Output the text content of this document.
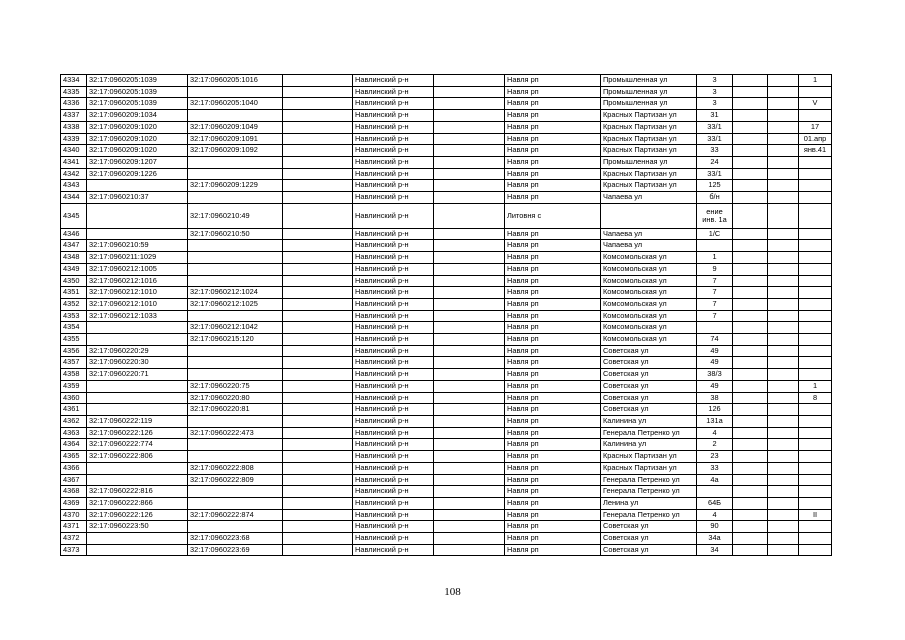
4334	32:17:0960205:1039	32:17:0960205:1016		Навлинский р-н		Навля рп	Промышленная ул	3			1
4335	32:17:0960205:1039			Навлинский р-н		Навля рп	Промышленная ул	3			
4336	32:17:0960205:1039	32:17:0960205:1040		Навлинский р-н		Навля рп	Промышленная ул	3			V
4337	32:17:0960209:1034			Навлинский р-н		Навля рп	Красных Партизан ул	31			
4338	32:17:0960209:1020	32:17:0960209:1049		Навлинский р-н		Навля рп	Красных Партизан ул	33/1			17
4339	32:17:0960209:1020	32:17:0960209:1091		Навлинский р-н		Навля рп	Красных Партизан ул	33/1			01.апр
4340	32:17:0960209:1020	32:17:0960209:1092		Навлинский р-н		Навля рп	Красных Партизан ул	33			янв.41
4341	32:17:0960209:1207			Навлинский р-н		Навля рп	Промышленная ул	24			
4342	32:17:0960209:1226			Навлинский р-н		Навля рп	Красных Партизан ул	33/1			
4343		32:17:0960209:1229		Навлинский р-н		Навля рп	Красных Партизан ул	125			
4344	32:17:0960210:37			Навлинский р-н		Навля рп	Чапаева ул	б/н			
4345		32:17:0960210:49		Навлинский р-н		Литовня с		ение инв. 1а			
4346		32:17:0960210:50		Навлинский р-н		Навля рп	Чапаева ул	1/С			
4347	32:17:0960210:59			Навлинский р-н		Навля рп	Чапаева ул				
4348	32:17:0960211:1029			Навлинский р-н		Навля рп	Комсомольская ул	1			
4349	32:17:0960212:1005			Навлинский р-н		Навля рп	Комсомольская ул	9			
4350	32:17:0960212:1016			Навлинский р-н		Навля рп	Комсомольская ул	7			
4351	32:17:0960212:1010	32:17:0960212:1024		Навлинский р-н		Навля рп	Комсомольская ул	7			
4352	32:17:0960212:1010	32:17:0960212:1025		Навлинский р-н		Навля рп	Комсомольская ул	7			
4353	32:17:0960212:1033			Навлинский р-н		Навля рп	Комсомольская ул	7			
4354		32:17:0960212:1042		Навлинский р-н		Навля рп	Комсомольская ул				
4355		32:17:0960215:120		Навлинский р-н		Навля рп	Комсомольская ул	74			
4356	32:17:0960220:29			Навлинский р-н		Навля рп	Советская ул	49			
4357	32:17:0960220:30			Навлинский р-н		Навля рп	Советская ул	49			
4358	32:17:0960220:71			Навлинский р-н		Навля рп	Советская ул	38/3			
4359		32:17:0960220:75		Навлинский р-н		Навля рп	Советская ул	49			1
4360		32:17:0960220:80		Навлинский р-н		Навля рп	Советская ул	38			8
4361		32:17:0960220:81		Навлинский р-н		Навля рп	Советская ул	126			
4362	32:17:0960222:119			Навлинский р-н		Навля рп	Калинина ул	131а			
4363	32:17:0960222:126	32:17:0960222:473		Навлинский р-н		Навля рп	Генерала Петренко ул	4			
4364	32:17:0960222:774			Навлинский р-н		Навля рп	Калинина ул	2			
4365	32:17:0960222:806			Навлинский р-н		Навля рп	Красных Партизан ул	23			
4366		32:17:0960222:808		Навлинский р-н		Навля рп	Красных Партизан ул	33			
4367		32:17:0960222:809		Навлинский р-н		Навля рп	Генерала Петренко ул	4а			
4368	32:17:0960222:816			Навлинский р-н		Навля рп	Генерала Петренко ул				
4369	32:17:0960222:866			Навлинский р-н		Навля рп	Ленина ул	64Б			
4370	32:17:0960222:126	32:17:0960222:874		Навлинский р-н		Навля рп	Генерала Петренко ул	4			II
4371	32:17:0960223:50			Навлинский р-н		Навля рп	Советская ул	90			
4372		32:17:0960223:68		Навлинский р-н		Навля рп	Советская ул	34а			
4373		32:17:0960223:69		Навлинский р-н		Навля рп	Советская ул	34			
108
